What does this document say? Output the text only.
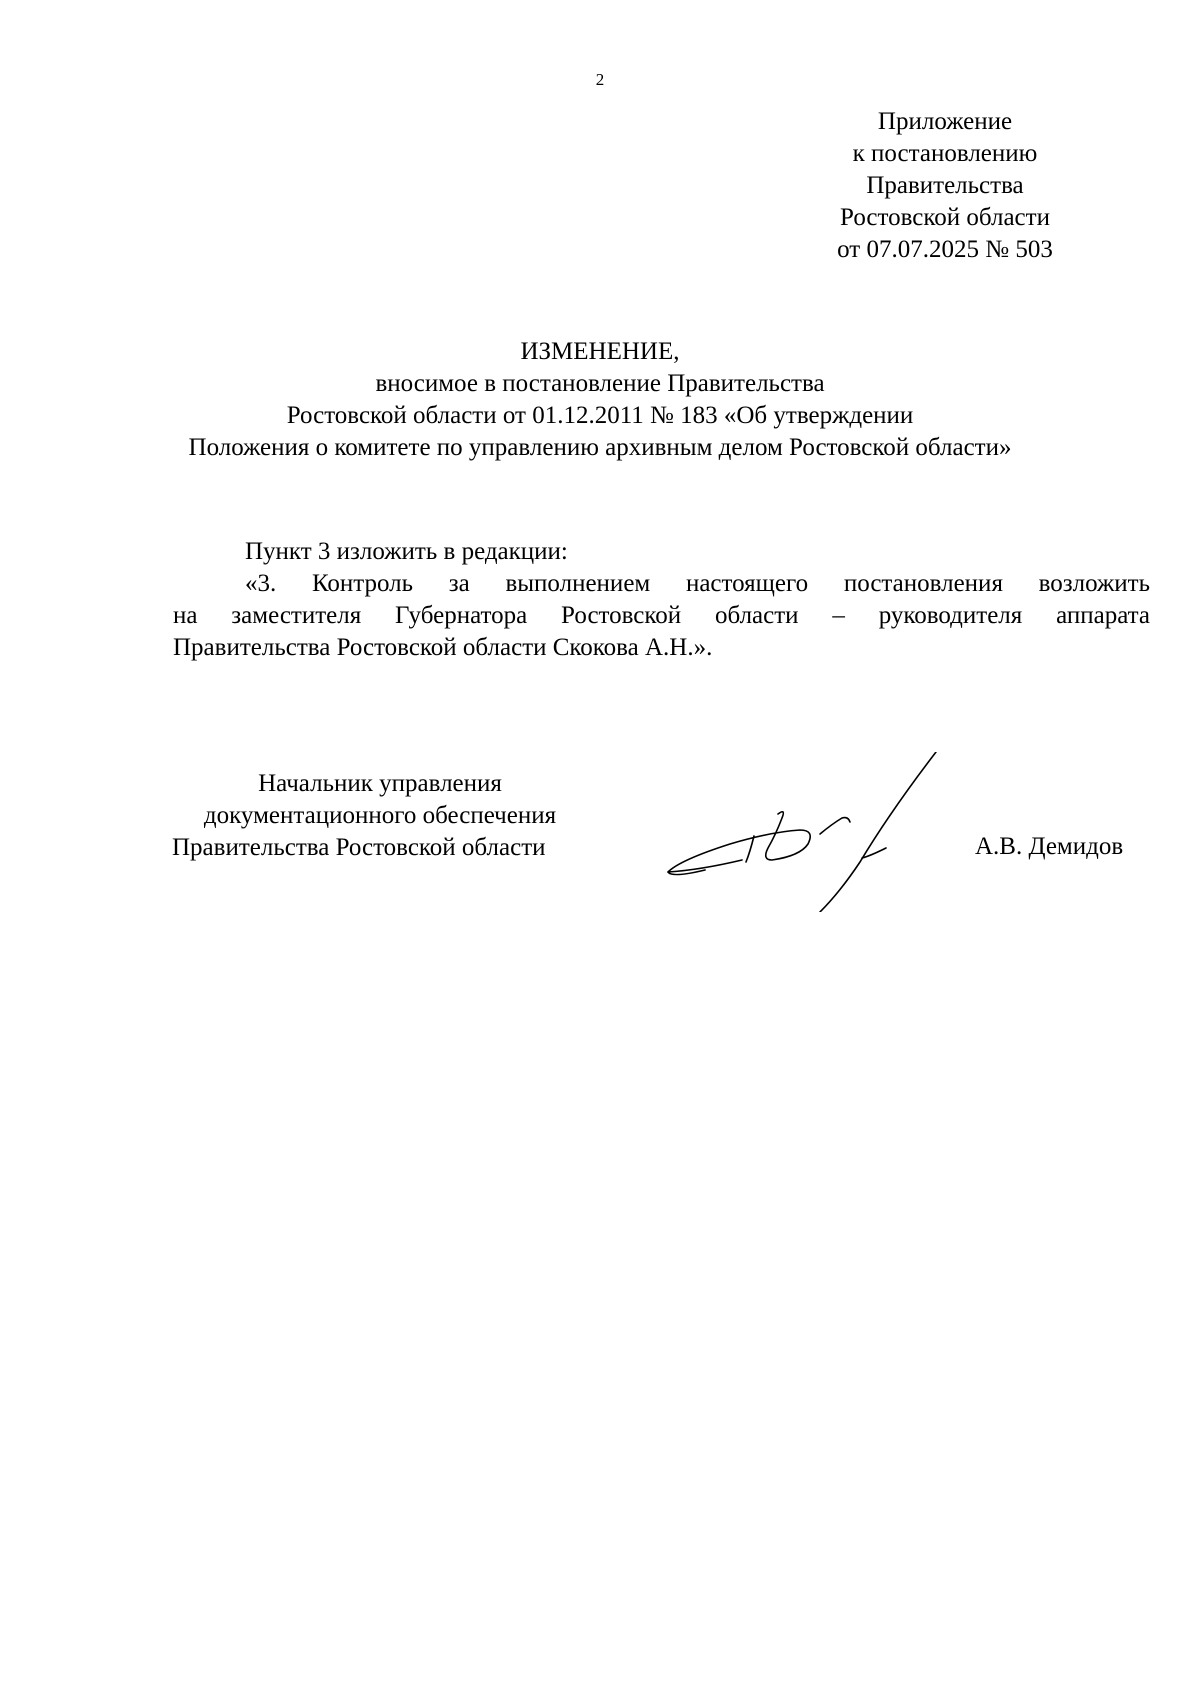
2
Приложение
к постановлению
Правительства
Ростовской области
от 07.07.2025 № 503
ИЗМЕНЕНИЕ,
вносимое в постановление Правительства
Ростовской области от 01.12.2011 № 183 «Об утверждении
Положения о комитете по управлению архивным делом Ростовской области»
Пункт 3 изложить в редакции:
«3. Контроль за выполнением настоящего постановления возложить
на заместителя Губернатора Ростовской области – руководителя аппарата
Правительства Ростовской области Скокова А.Н.».
Начальник управления
документационного обеспечения
Правительства Ростовской области	А.В. Демидов
